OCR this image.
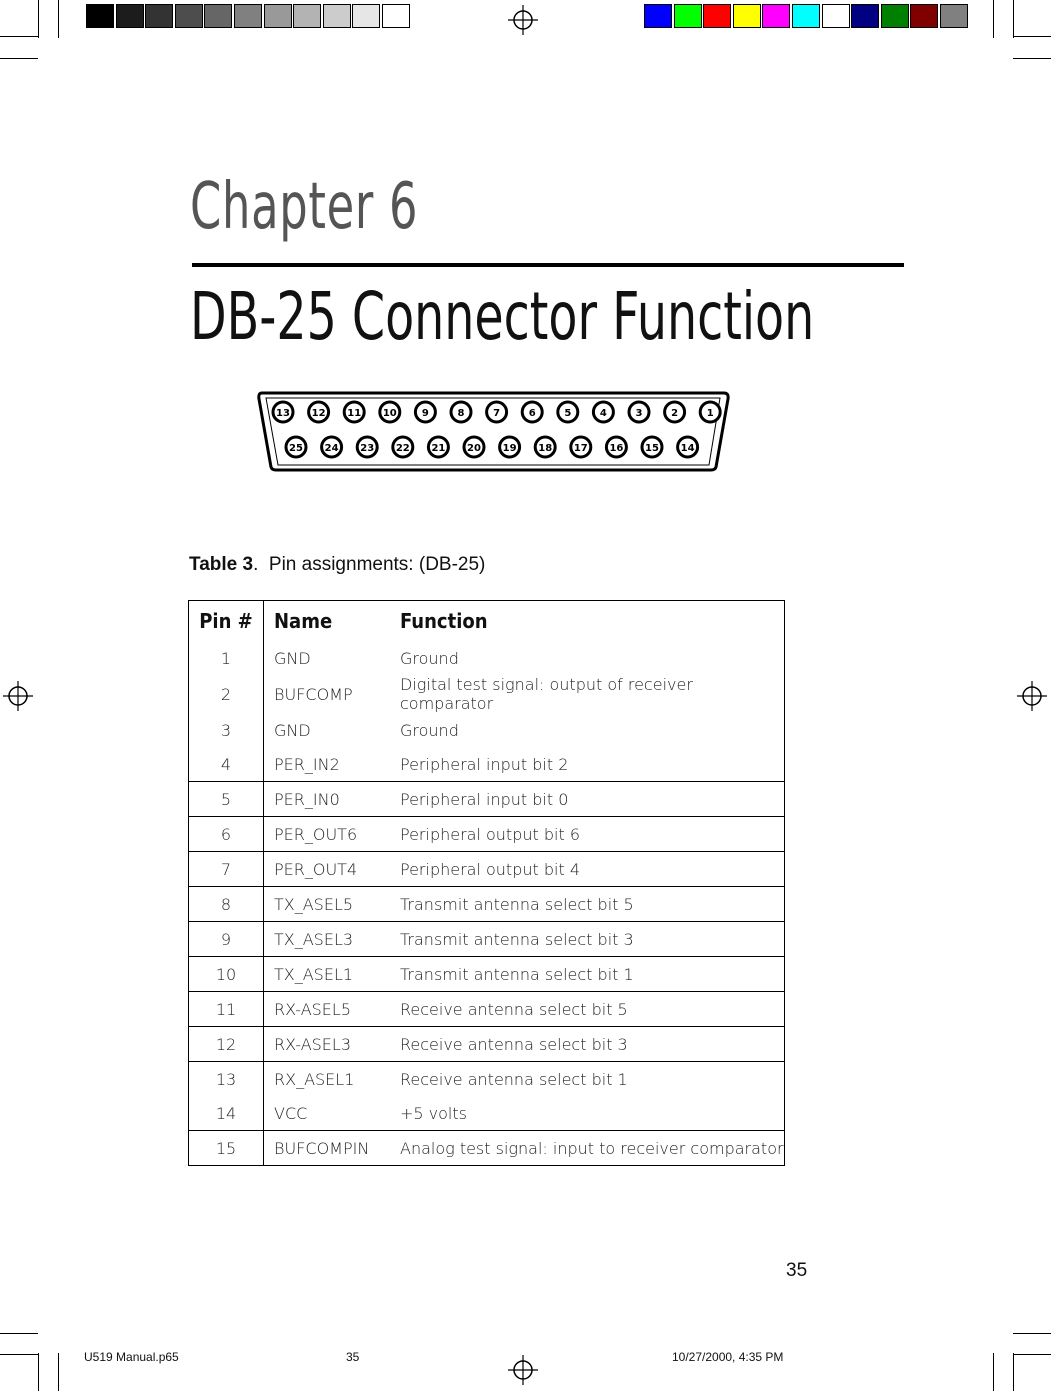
Chapter 6
DB-25 Connector Function
13 12 11 10	9	8	7	6	5	4	3	2	1
25 24 23 22 21 20 19 18 17 16 15 14
Table 3.  Pin assignments: (DB-25)
Pin #	Name	Function
1	GND	Ground
2	BUFCOMP	Digital test signal: output of receiver comparator
3	GND	Ground
4	PER_IN2	Peripheral input bit 2
5	PER_IN0	Peripheral input bit 0
6	PER_OUT6	Peripheral output bit 6
7	PER_OUT4	Peripheral output bit 4
8	TX_ASEL5	Transmit antenna select bit 5
9	TX_ASEL3	Transmit antenna select bit 3
10	TX_ASEL1	Transmit antenna select bit 1
11	RX-ASEL5	Receive antenna select bit 5
12	RX-ASEL3	Receive antenna select bit 3
13	RX_ASEL1	Receive antenna select bit 1
14	VCC	+5 volts
15	BUFCOMPIN	Analog test signal: input to receiver comparator
35
U519 Manual.p65	35	10/27/2000, 4:35 PM
